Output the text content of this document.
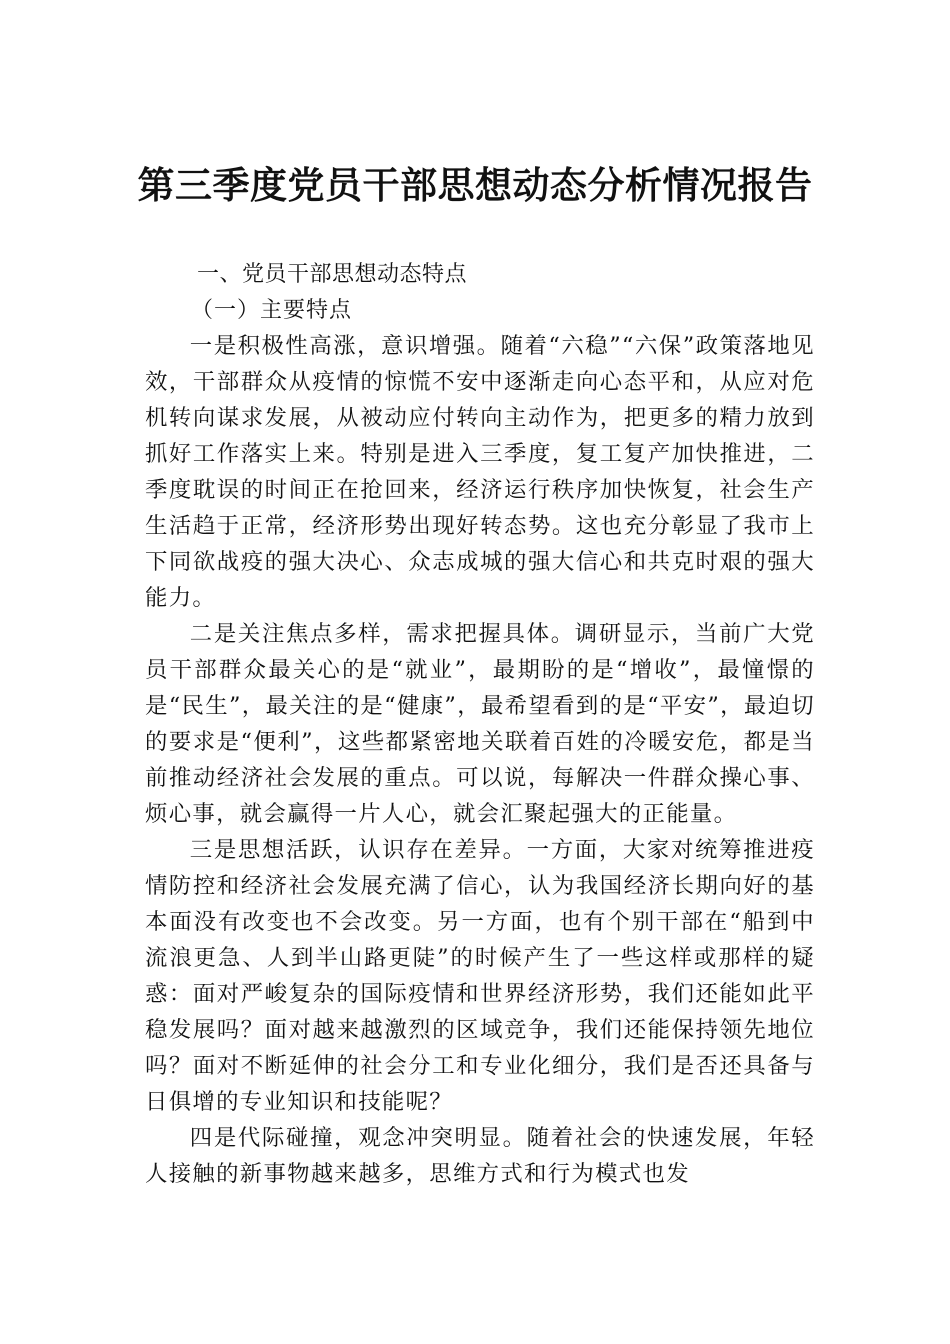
第三季度党员干部思想动态分析情况报告
一、党员干部思想动态特点
（一）主要特点

一是积极性高涨，意识增强。随着“六稳”“六保”政策落地见效，干部群众从疫情的惊慌不安中逐渐走向心态平和，从应对危机转向谋求发展，从被动应付转向主动作为，把更多的精力放到抓好工作落实上来。特别是进入三季度，复工复产加快推进，二季度耽误的时间正在抢回来，经济运行秩序加快恢复，社会生产生活趋于正常，经济形势出现好转态势。这也充分彰显了我市上下同欲战疫的强大决心、众志成城的强大信心和共克时艰的强大能力。

二是关注焦点多样，需求把握具体。调研显示，当前广大党员干部群众最关心的是“就业”，最期盼的是“增收”，最憧憬的是“民生”，最关注的是“健康”，最希望看到的是“平安”，最迫切的要求是“便利”，这些都紧密地关联着百姓的冷暖安危，都是当前推动经济社会发展的重点。可以说，每解决一件群众操心事、烦心事，就会赢得一片人心，就会汇聚起强大的正能量。

三是思想活跃，认识存在差异。一方面，大家对统筹推进疫情防控和经济社会发展充满了信心，认为我国经济长期向好的基本面没有改变也不会改变。另一方面，也有个别干部在“船到中流浪更急、人到半山路更陡”的时候产生了一些这样或那样的疑惑：面对严峻复杂的国际疫情和世界经济形势，我们还能如此平稳发展吗？面对越来越激烈的区域竞争，我们还能保持领先地位吗？面对不断延伸的社会分工和专业化细分，我们是否还具备与日俱增的专业知识和技能呢？

四是代际碰撞，观念冲突明显。随着社会的快速发展，年轻人接触的新事物越来越多，思维方式和行为模式也发
